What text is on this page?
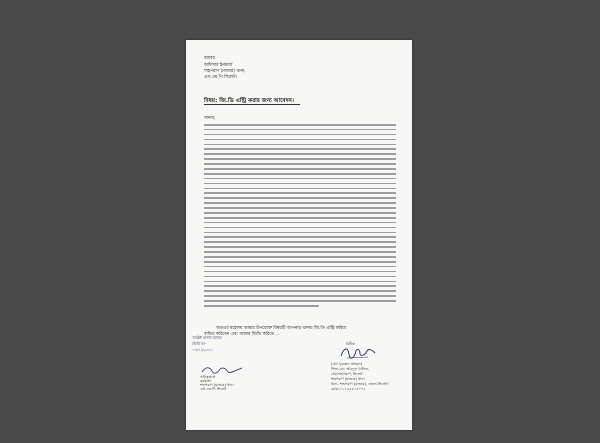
বরাবর
অফিসার ইনচার্জ
শাহপরাণ (মাজার) থানা,
এস.এম.পি সিলেট।
বিষয়: জি.ডি এন্ট্রি করার জন্য আবেদন।
জনাব,
অতএব মহোদয় আমার উপরোক্ত বিষয়টি আপনার থানায় জি.ডি এন্ট্রি করিয়া
বাধিত করিবেন এবং আমার জিডি করিতে ...
বিনীত
(মো: ফুরকান আহমদ)
পিতা-মো: আবদুল খালিক,
গ্রাম-শাহপরাণ, সিলেট
শাহপরাণ (মাজার) থানা
থানা- শাহপরাণ (মাজার), জেলা-সিলেট।
মোবা-০১৭৫৫৯০৫০০৫
সংশ্লিষ্ট থানায় বরাবর
জিডি নং-
০৭/১২/২০২১
দায়িত্বপ্রাপ্ত
কর্মকর্তা
শাহপরাণ (মাজার) থানা
এস.এম.পি সিলেট
